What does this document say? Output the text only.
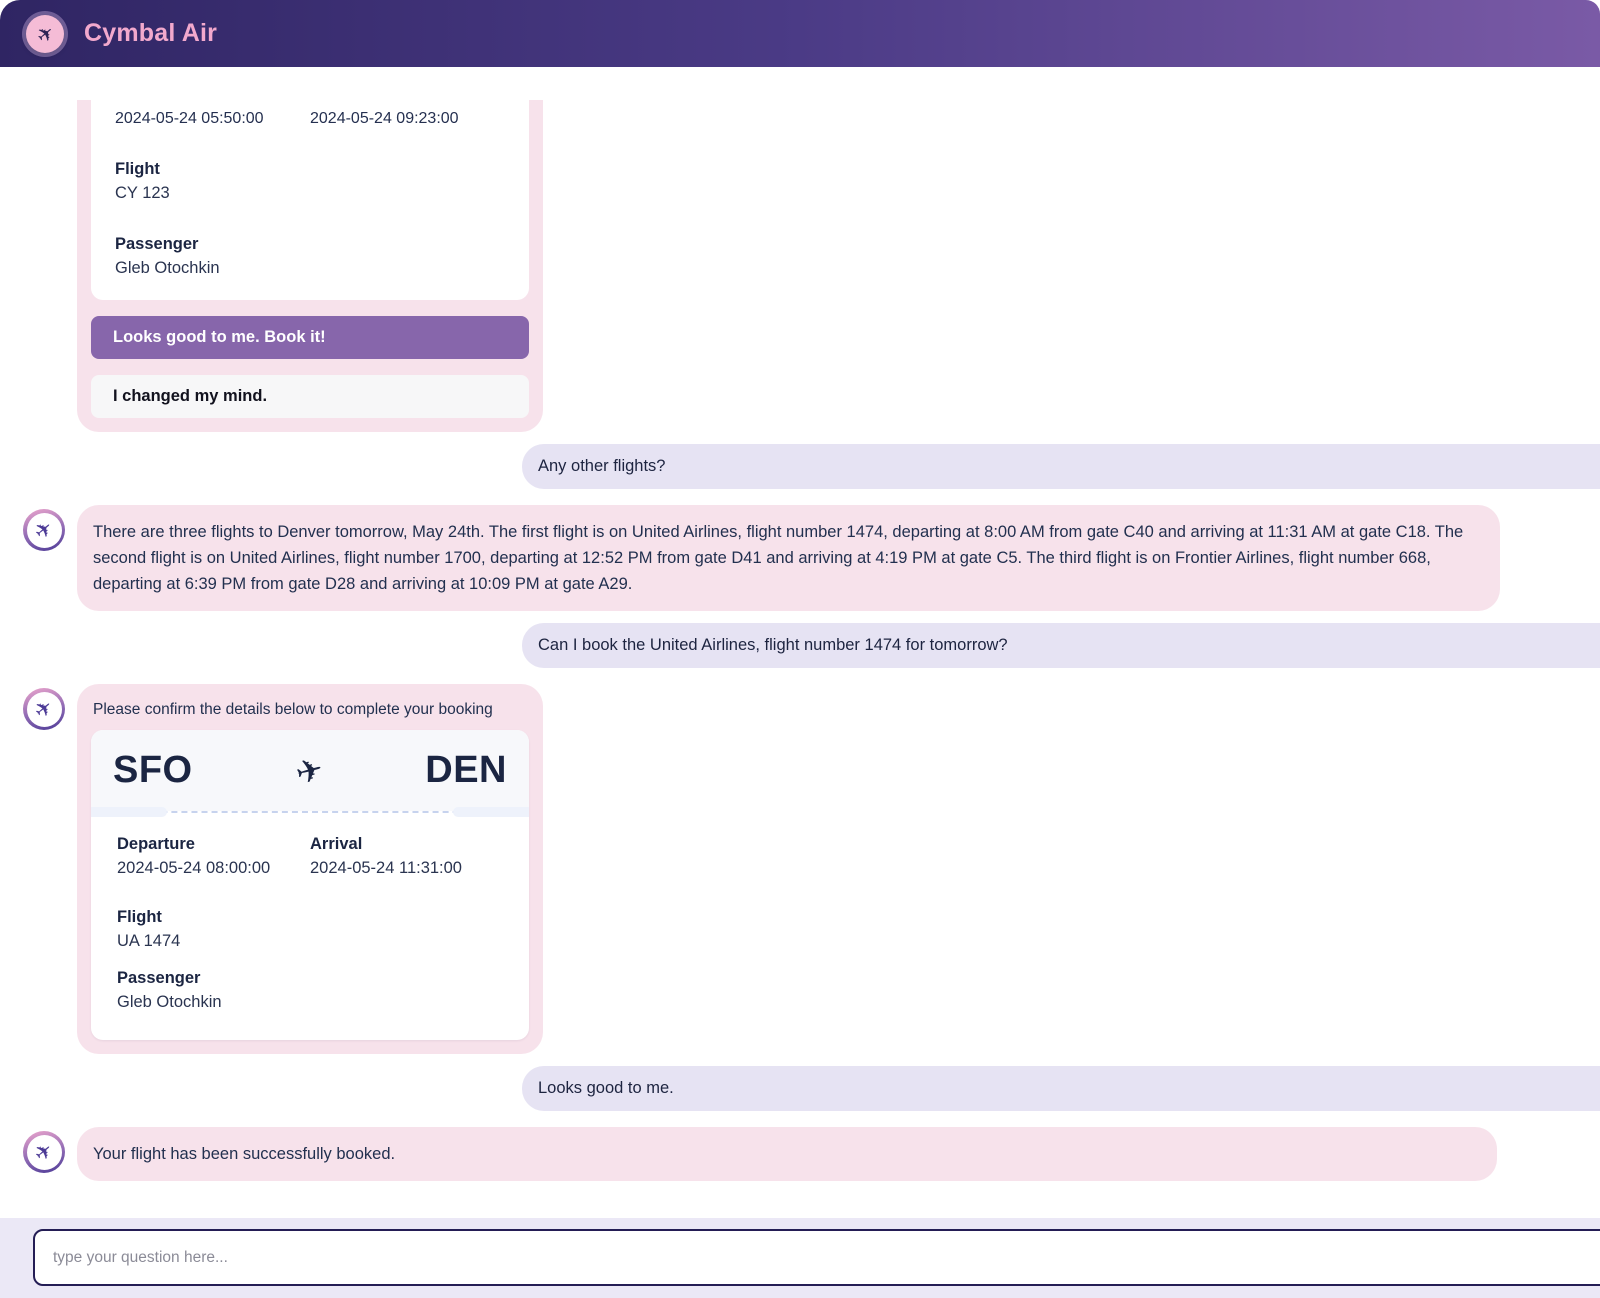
✈ Cymbal Air
2024-05-24 05:50:00	2024-05-24 09:23:00
Flight
CY 123
Passenger
Gleb Otochkin
Looks good to me. Book it!
I changed my mind.
Any other flights?
✈	There are three flights to Denver tomorrow, May 24th. The first flight is on United Airlines, flight number 1474, departing at 8:00 AM from gate C40 and arriving at 11:31 AM at gate C18. The second flight is on United Airlines, flight number 1700, departing at 12:52 PM from gate D41 and arriving at 4:19 PM at gate C5. The third flight is on Frontier Airlines, flight number 668, departing at 6:39 PM from gate D28 and arriving at 10:09 PM at gate A29.
Can I book the United Airlines, flight number 1474 for tomorrow?
✈ Please confirm the details below to complete your booking
SFO	✈	DEN
Departure
2024-05-24 08:00:00
Arrival
2024-05-24 11:31:00
Flight
UA 1474
Passenger
Gleb Otochkin
Looks good to me.
✈	Your flight has been successfully booked.
type your question here...
